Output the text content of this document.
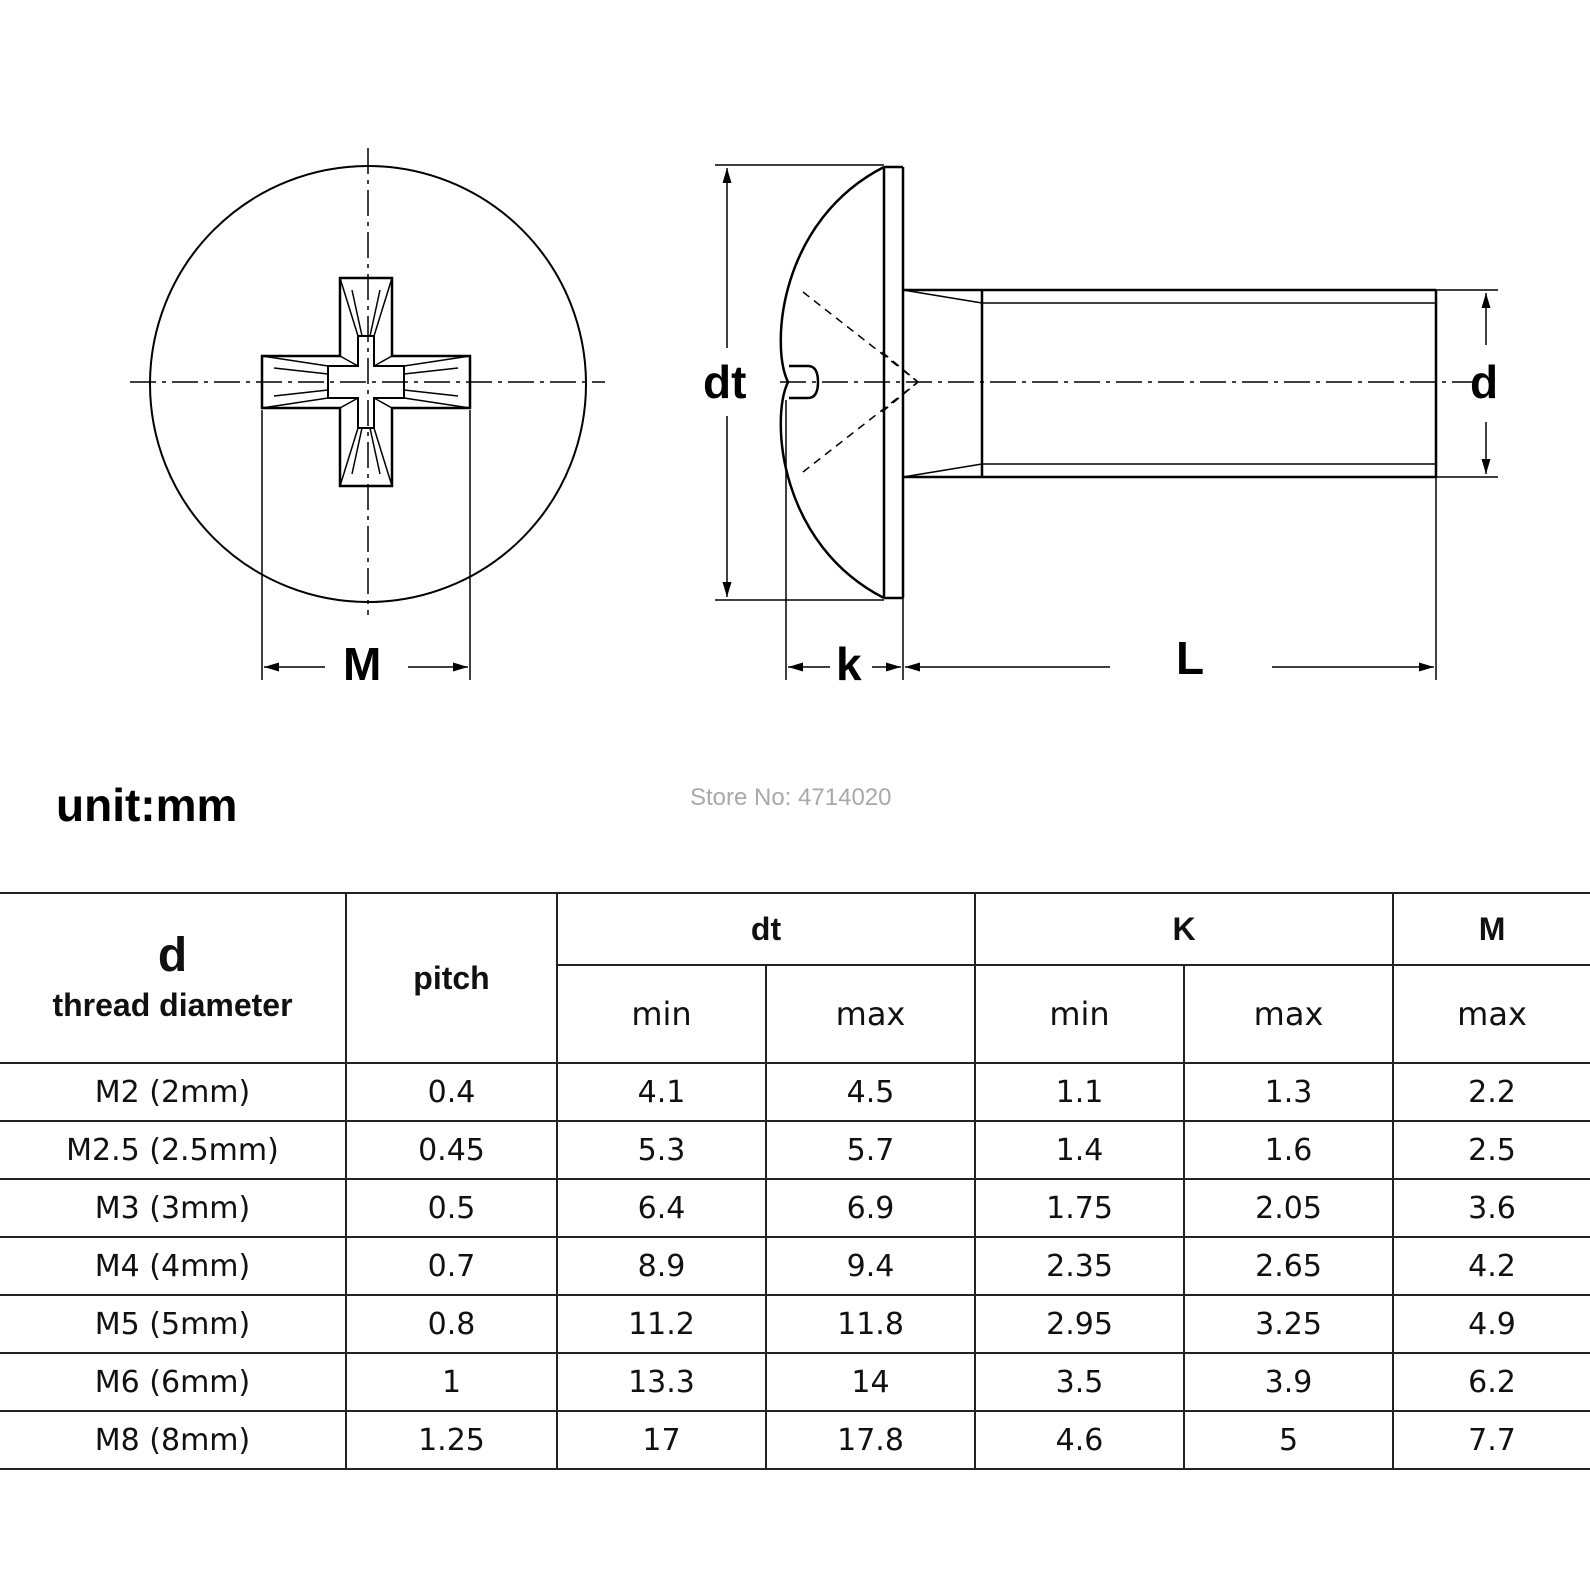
M
dt
k	L
d
unit:mm	Store No: 4714020
d
thread diameter	pitch	dt		K		M
		min	max	min	max	max
M2 (2mm)	0.4	4.1	4.5	1.1	1.3	2.2
M2.5 (2.5mm)	0.45	5.3	5.7	1.4	1.6	2.5
M3 (3mm)	0.5	6.4	6.9	1.75	2.05	3.6
M4 (4mm)	0.7	8.9	9.4	2.35	2.65	4.2
M5 (5mm)	0.8	11.2	11.8	2.95	3.25	4.9
M6 (6mm)	1	13.3	14	3.5	3.9	6.2
M8 (8mm)	1.25	17	17.8	4.6	5	7.7
